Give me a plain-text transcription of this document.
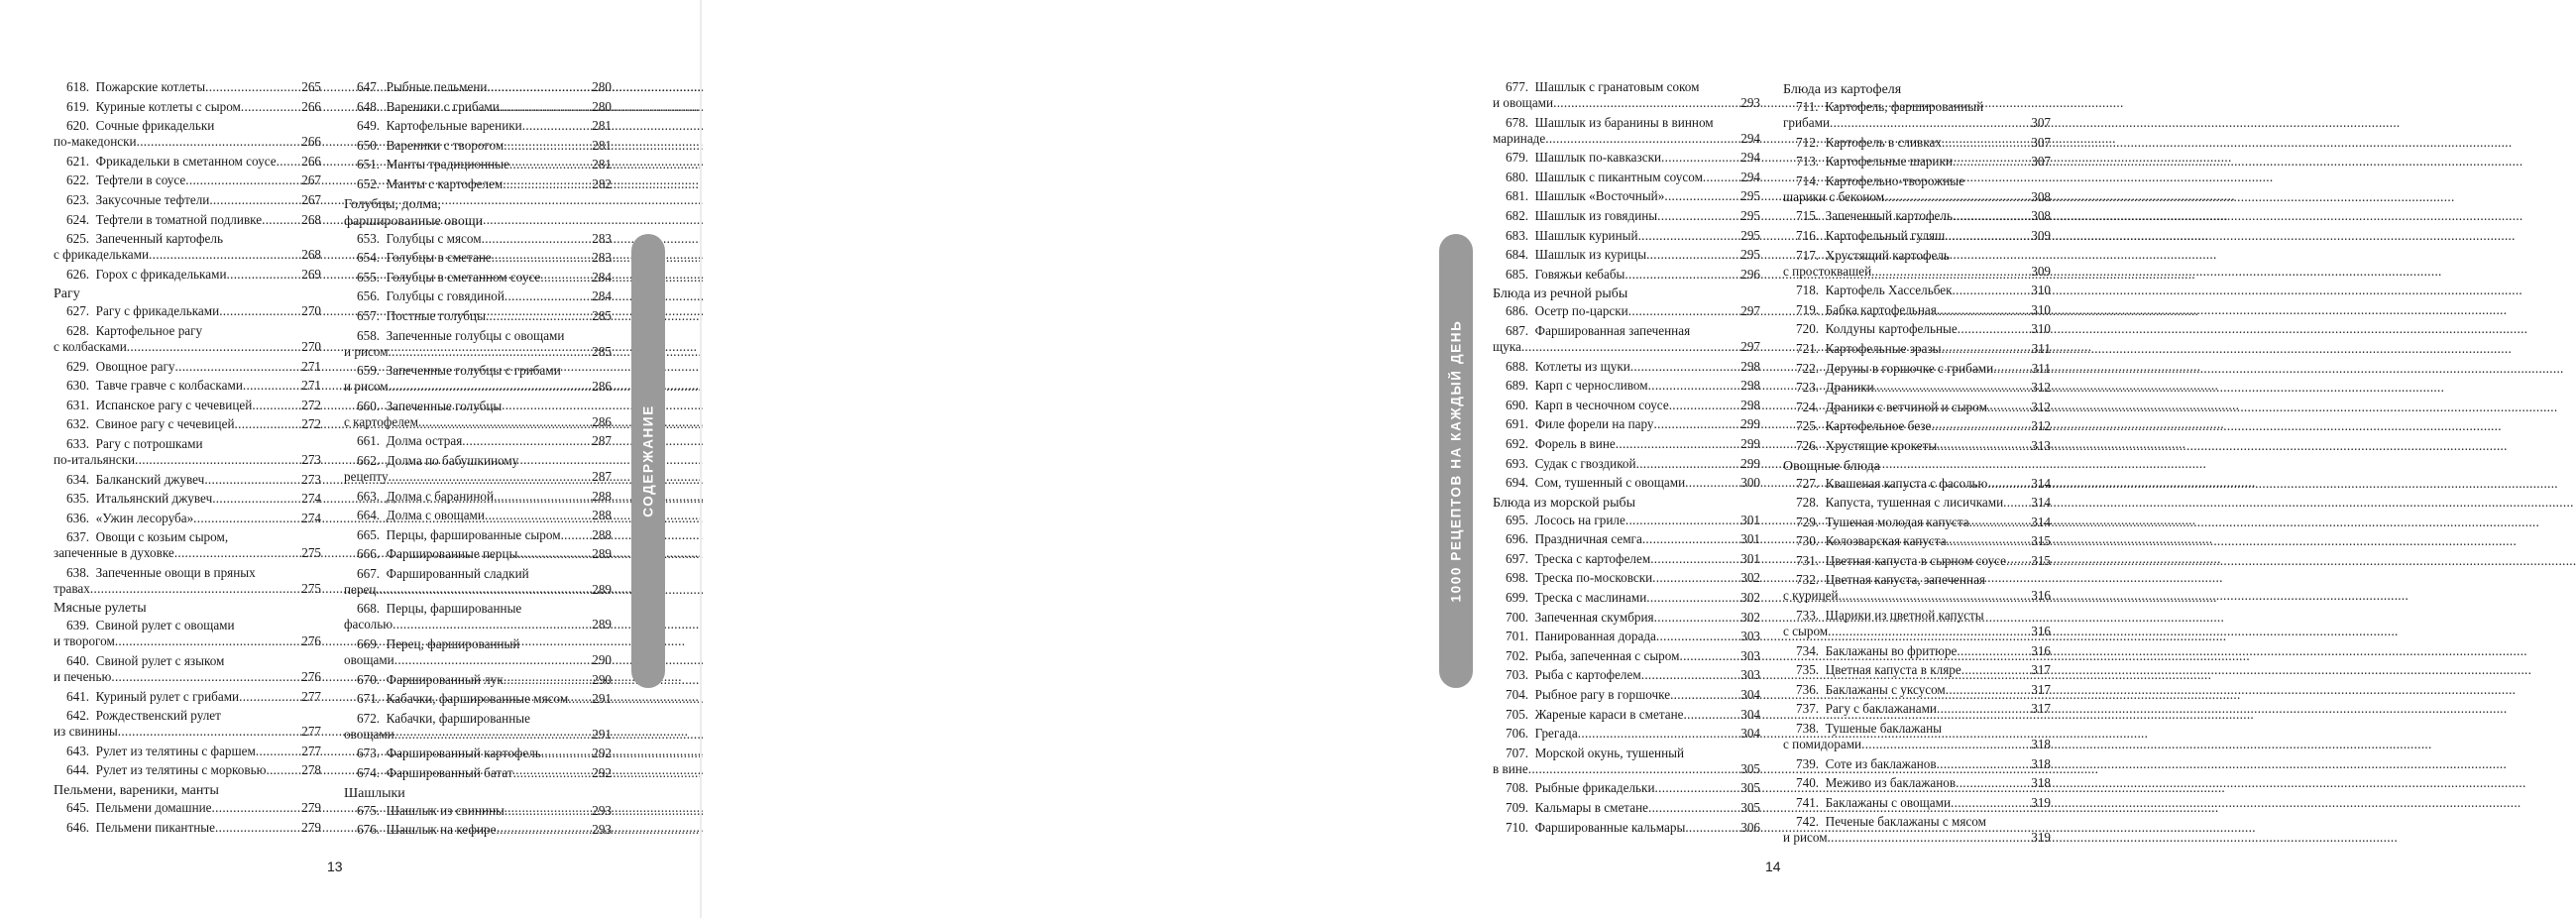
618. Пожарские котлеты .....	265
619. Куриные котлеты с сыром .....	266
620. Сочные фрикадельки
по-македонски .....	266
621. Фрикадельки в сметанном соусе ..... 266
622. Тефтели в соусе .....	267
623. Закусочные тефтели .....	267
624. Тефтели в томатной подливке .....	268
625. Запеченный картофель
с фрикадельками .....	268
626. Горох с фрикадельками .....	269
Рагу
627. Рагу с фрикадельками .....	270
628. Картофельное рагу
с колбасками .....	270
629. Овощное рагу .....	271
630. Тавче гравче с колбасками .....	271
631. Испанское рагу с чечевицей .....	272
632. Свиное рагу с чечевицей .....	272
633. Рагу с потрошками
по-итальянски .....	273
634. Балканский джувеч .....	273
635. Итальянский джувеч .....	274
636. «Ужин лесоруба» .....	274
637. Овощи с козьим сыром,
запеченные в духовке .....	275
638. Запеченные овощи в пряных
травах .....	275
Мясные рулеты
639. Свиной рулет с овощами
и творогом .....	276
640. Свиной рулет с языком
и печенью .....	276
641. Куриный рулет с грибами .....	277
642. Рождественский рулет
из свинины .....	277
643. Рулет из телятины с фаршем .....	277
644. Рулет из телятины с морковью .....	278
Пельмени, вареники, манты
645. Пельмени домашние .....	279
646. Пельмени пикантные .....	279
647. Рыбные пельмени .....	280
648. Вареники с грибами .....	280
649. Картофельные вареники .....	281
650. Вареники с творогом .....	281
651. Манты традиционные .....	281
652. Манты с картофелем .....	282
Голубцы, долма,
фаршированные овощи
653. Голубцы с мясом .....	283
654. Голубцы в сметане .....	283
655. Голубцы в сметанном соусе .....	284
656. Голубцы с говядиной .....	284
657. Постные голубцы .....	285
658. Запеченные голубцы с овощами
и рисом .....	285
659. Запеченные голубцы с грибами
и рисом .....	286
660. Запеченные голубцы
с картофелем .....	286
661. Долма острая .....	287
662. Долма по бабушкиному
рецепту .....	287
663. Долма с бараниной .....	288
664. Долма с овощами .....	288
665. Перцы, фаршированные сыром ..... 288
666. Фаршированные перцы .....	289
667. Фаршированный сладкий
перец .....	289
668. Перцы, фаршированные
фасолью .....	289
669. Перец, фаршированный
овощами .....	290
670. Фаршированный лук .....	290
671. Кабачки, фаршированные мясом ..... 291
672. Кабачки, фаршированные
овощами .....	291
673. Фаршированный картофель .....	292
674. Фаршированный батат .....	292
Шашлыки
675. Шашлык из свинины .....	293
676. Шашлык на кефире .....	293
СОДЕРЖАНИЕ
13
1000 РЕЦЕПТОВ НА КАЖДЫЙ ДЕНЬ
677. Шашлык с гранатовым соком
и овощами .....	293
678. Шашлык из баранины в винном
маринаде .....	294
679. Шашлык по-кавказски .....	294
680. Шашлык с пикантным соусом .....	294
681. Шашлык «Восточный» .....	295
682. Шашлык из говядины .....	295
683. Шашлык куриный .....	295
684. Шашлык из курицы .....	295
685. Говяжьи кебабы .....	296
Блюда из речной рыбы
686. Осетр по-царски .....	297
687. Фаршированная запеченная
щука .....	297
688. Котлеты из щуки .....	298
689. Карп с черносливом .....	298
690. Карп в чесночном соусе .....	298
691. Филе форели на пару .....	299
692. Форель в вине .....	299
693. Судак с гвоздикой .....	299
694. Сом, тушенный с овощами .....	300
Блюда из морской рыбы
695. Лосось на гриле .....	301
696. Праздничная семга .....	301
697. Треска с картофелем .....	301
698. Треска по-московски .....	302
699. Треска с маслинами .....	302
700. Запеченная скумбрия .....	302
701. Панированная дорада .....	303
702. Рыба, запеченная с сыром .....	303
703. Рыба с картофелем .....	303
704. Рыбное рагу в горшочке .....	304
705. Жареные караси в сметане .....	304
706. Грегада .....	304
707. Морской окунь, тушенный
в вине .....	305
708. Рыбные фрикадельки .....	305
709. Кальмары в сметане .....	305
710. Фаршированные кальмары .....	306
Блюда из картофеля
711. Картофель, фаршированный
грибами .....	307
712. Картофель в сливках .....	307
713. Картофельные шарики .....	307
714. Картофельно-творожные
шарики с беконом .....	308
715. Запеченный картофель .....	308
716. Картофельный гуляш .....	309
717. Хрустящий картофель
с простоквашей .....	309
718. Картофель Хассельбек .....	310
719. Бабка картофельная .....	310
720. Колдуны картофельные .....	310
721. Картофельные зразы .....	311
722. Деруны в горшочке с грибами .....	311
723. Драники .....	312
724. Драники с ветчиной и сыром .....	312
725. Картофельное безе .....	312
726. Хрустящие крокеты .....	313
Овощные блюда
727. Квашеная капуста с фасолью .....	314
728. Капуста, тушенная с лисичками ..... 314
729. Тушеная молодая капуста .....	314
730. Колозварская капуста .....	315
731. Цветная капуста в сырном соусе ..... 315
732. Цветная капуста, запеченная
с курицей .....	316
733. Шарики из цветной капусты
с сыром .....	316
734. Баклажаны во фритюре .....	316
735. Цветная капуста в кляре .....	317
736. Баклажаны с уксусом .....	317
737. Рагу с баклажанами .....	317
738. Тушеные баклажаны
с помидорами .....	318
739. Соте из баклажанов .....	318
740. Меживо из баклажанов .....	318
741. Баклажаны с овощами .....	319
742. Печеные баклажаны с мясом
и рисом .....	319
14
